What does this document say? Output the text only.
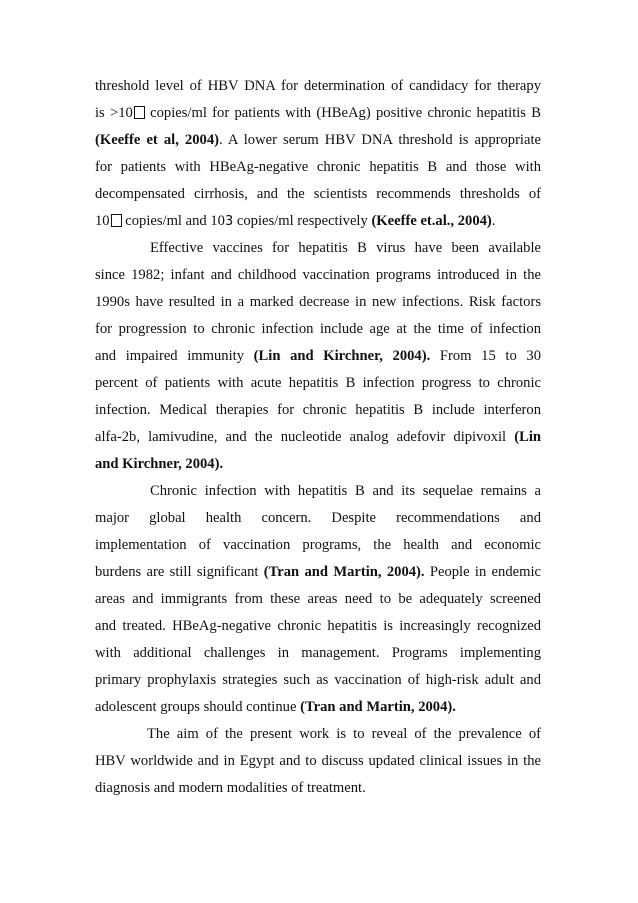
threshold level of HBV DNA for determination of candidacy for therapy
is >10 copies/ml for patients with (HBeAg) positive chronic hepatitis B
(Keeffe et al, 2004). A lower serum HBV DNA threshold is appropriate
for patients with HBeAg-negative chronic hepatitis B and those with
decompensated cirrhosis, and the scientists recommends thresholds of
10 copies/ml and 103 copies/ml respectively (Keeffe et.al., 2004).
Effective vaccines for hepatitis B virus have been available
since 1982; infant and childhood vaccination programs introduced in the
1990s have resulted in a marked decrease in new infections. Risk factors
for progression to chronic infection include age at the time of infection
and impaired immunity (Lin and Kirchner, 2004). From 15 to 30
percent of patients with acute hepatitis B infection progress to chronic
infection. Medical therapies for chronic hepatitis B include interferon
alfa-2b, lamivudine, and the nucleotide analog adefovir dipivoxil (Lin
and Kirchner, 2004).
Chronic infection with hepatitis B and its sequelae remains a
major global health concern. Despite recommendations and
implementation of vaccination programs, the health and economic
burdens are still significant (Tran and Martin, 2004). People in endemic
areas and immigrants from these areas need to be adequately screened
and treated. HBeAg-negative chronic hepatitis is increasingly recognized
with additional challenges in management. Programs implementing
primary prophylaxis strategies such as vaccination of high-risk adult and
adolescent groups should continue (Tran and Martin, 2004).
The aim of the present work is to reveal of the prevalence of
HBV worldwide and in Egypt and to discuss updated clinical issues in the
diagnosis and modern modalities of treatment.
